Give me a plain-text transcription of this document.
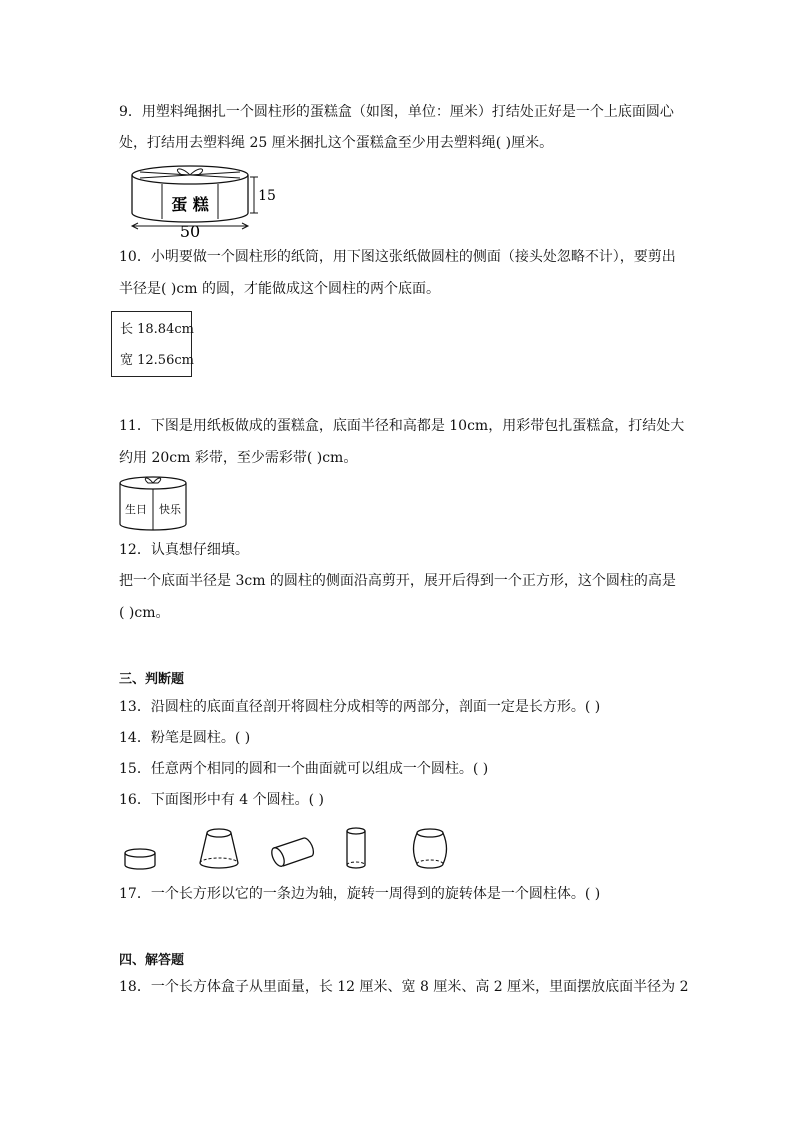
9．用塑料绳捆扎一个圆柱形的蛋糕盒（如图，单位：厘米）打结处正好是一个上底面圆心
处，打结用去塑料绳 25 厘米捆扎这个蛋糕盒至少用去塑料绳( )厘米。
蛋 糕	15
50
10．小明要做一个圆柱形的纸筒，用下图这张纸做圆柱的侧面（接头处忽略不计），要剪出
半径是( )cm 的圆，才能做成这个圆柱的两个底面。
长 18.84cm
宽 12.56cm
11．下图是用纸板做成的蛋糕盒，底面半径和高都是 10cm，用彩带包扎蛋糕盒，打结处大
约用 20cm 彩带，至少需彩带( )cm。
生日 快乐
12．认真想仔细填。
把一个底面半径是 3cm 的圆柱的侧面沿高剪开，展开后得到一个正方形，这个圆柱的高是
( )cm。
三、判断题
13．沿圆柱的底面直径剖开将圆柱分成相等的两部分，剖面一定是长方形。( )
14．粉笔是圆柱。( )
15．任意两个相同的圆和一个曲面就可以组成一个圆柱。( )
16．下面图形中有 4 个圆柱。( )
17．一个长方形以它的一条边为轴，旋转一周得到的旋转体是一个圆柱体。( )
四、解答题
18．一个长方体盒子从里面量，长 12 厘米、宽 8 厘米、高 2 厘米，里面摆放底面半径为 2
